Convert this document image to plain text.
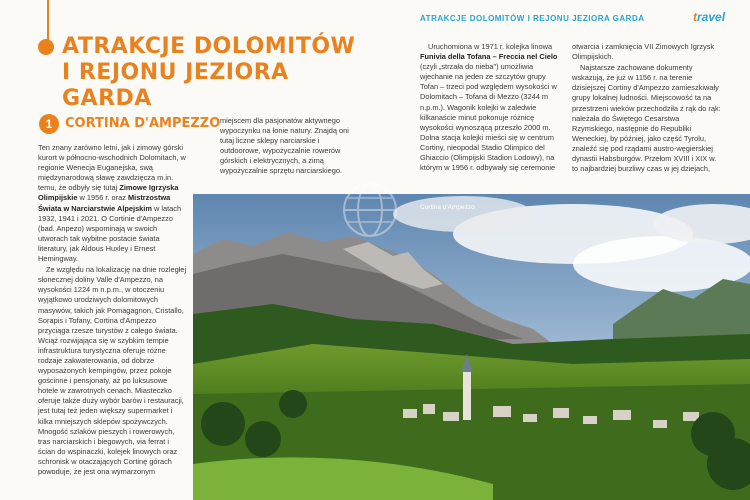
ATRAKCJE DOLOMITÓW
I REJONU JEZIORA GARDA
ATRAKCJE DOLOMITÓW I REJONU JEZIORA GARDA	travel
1 CORTINA D'AMPEZZO

Ten znany zarówno letni, jak i zimowy górski kurort w północno-wschodnich Dolomitach, w regionie Wenecja Euganejska, swą międzynarodową sławę zawdzięcza m.in. temu, że odbyły się tutaj Zimowe Igrzyska Olimpijskie w 1956 r. oraz Mistrzostwa Świata w Narciarstwie Alpejskim w latach 1932, 1941 i 2021. O Cortinie d'Ampezzo (bad. Anpezo) wspominają w swoich utworach tak wybitne postacie świata literatury, jak Aldous Huxley i Ernest Hemingway.

Ze względu na lokalizację na dnie rozległej słonecznej doliny Valle d'Ampezzo, na wysokości 1224 m n.p.m., w otoczeniu wyjątkowo urodziwych dolomitowych masywów, takich jak Pomagagnon, Cristallo, Sorapis i Tofany, Cortina d'Ampezzo przyciąga rzesze turystów z całego świata. Wciąż rozwijająca się w szybkim tempie infrastruktura turystyczna oferuje różne rodzaje zakwaterowania, od dobrze wyposażonych kempingów, przez pokoje gościnne i pensjonaty, aż po luksusowe hotele w zawrotnych cenach. Miasteczko oferuje także duży wybór barów i restauracji, jest tutaj też jeden większy supermarket i kilka mniejszych sklepów spożywczych. Mnogość szlaków pieszych i rowerowych, tras narciarskich i biegowych, via ferrat i ścian do wspinaczki, kolejek linowych oraz schronisk w otaczających Cortinę górach powoduje, że jest ona wymarzonym

miejscem dla pasjonatów aktywnego wypoczynku na łonie natury. Znajdą oni tutaj liczne sklepy narciarskie i outdoorowe, wypożyczalnie rowerów górskich i elektrycznych, a zimą wypożyczalnie sprzętu narciarskiego.

Uruchomiona w 1971 r. kolejka linowa Funivia della Tofana – Freccia nel Cielo (czyli „strzała do nieba") umożliwia wjechanie na jeden ze szczytów grupy Tofan – trzeci pod względem wysokości w Dolomitach – Tofana di Mezzo (3244 m n.p.m.). Wagonik kolejki w zaledwie kilkanaście minut pokonuje różnicę wysokości wynoszącą przeszło 2000 m. Dolna stacja kolejki mieści się w centrum Cortiny, nieopodal Stadio Olimpico del Ghiaccio (Olimpijski Stadion Lodowy), na którym w 1956 r. odbywały się ceremonie

otwarcia i zamknięcia VII Zimowych Igrzysk Olimpijskich.

Najstarsze zachowane dokumenty wskazują, że już w 1156 r. na terenie dzisiejszej Cortiny d'Ampezzo zamieszkiwały grupy lokalnej ludności. Miejscowość ta na przestrzeni wieków przechodziła z rąk do rąk: należała do Świętego Cesarstwa Rzymskiego, następnie do Republiki Weneckiej, by później, jako część Tyrolu, znaleźć się pod rządami austro-węgierskiej dynastii Habsburgów. Przełom XVIII i XIX w. to najbardziej burzliwy czas w jej dziejach,

Cortina d'Ampezzo
